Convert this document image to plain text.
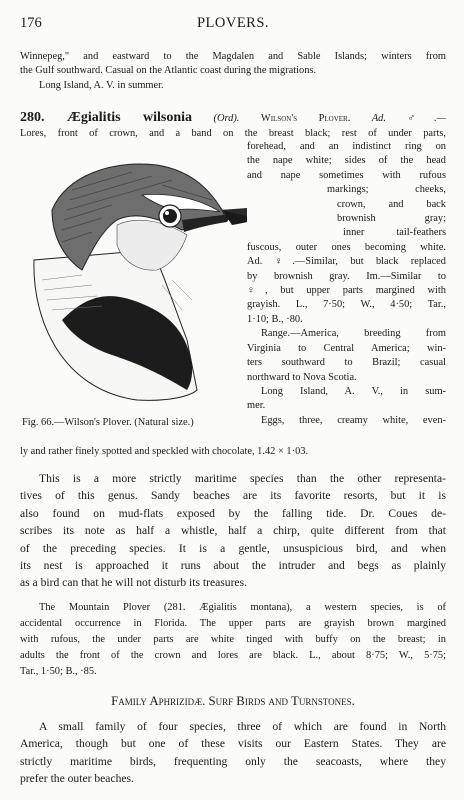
176	PLOVERS.
Winnepeg," and eastward to the Magdalen and Sable Islands; winters from
the Gulf southward. Casual on the Atlantic coast during the migrations.
Long Island, A. V. in summer.
280. Ægialitis wilsonia (Ord). Wilson's Plover. Ad. ♂.—
Lores, front of crown, and a band on the breast black; rest of under parts,
forehead, and an indistinct ring on
the nape white; sides of the head
and nape sometimes with rufous
markings; cheeks,
crown, and back
brownish gray;
inner tail-feathers
fuscous, outer ones becoming white.
Ad. ♀.—Similar, but black replaced
by brownish gray. Im.—Similar to
♀, but upper parts margined with
grayish. L., 7·50; W., 4·50; Tar.,
1·10; B., ·80.
Range.—America, breeding from
Virginia to Central America; win-
ters southward to Brazil; casual
northward to Nova Scotia.
Long Island, A. V., in sum-
mer.
Eggs, three, creamy white, even-
Fig. 66.—Wilson's Plover. (Natural size.)
ly and rather finely spotted and speckled with chocolate, 1.42 × 1·03.
This is a more strictly maritime species than the other representa-
tives of this genus. Sandy beaches are its favorite resorts, but it is
also found on mud-flats exposed by the falling tide. Dr. Coues de-
scribes its note as half a whistle, half a chirp, quite different from that
of the preceding species. It is a gentle, unsuspicious bird, and when
its nest is approached it runs about the intruder and begs as plainly
as a bird can that he will not disturb its treasures.
The Mountain Plover (281. Ægialitis montana), a western species, is of
accidental occurrence in Florida. The upper parts are grayish brown margined
with rufous, the under parts are white tinged with buffy on the breast; in
adults the front of the crown and lores are black. L., about 8·75; W., 5·75;
Tar., 1·50; B., ·85.
Family Aphrizidæ. Surf Birds and Turnstones.
A small family of four species, three of which are found in North
America, though but one of these visits our Eastern States. They are
strictly maritime birds, frequenting only the seacoasts, where they
prefer the outer beaches.
